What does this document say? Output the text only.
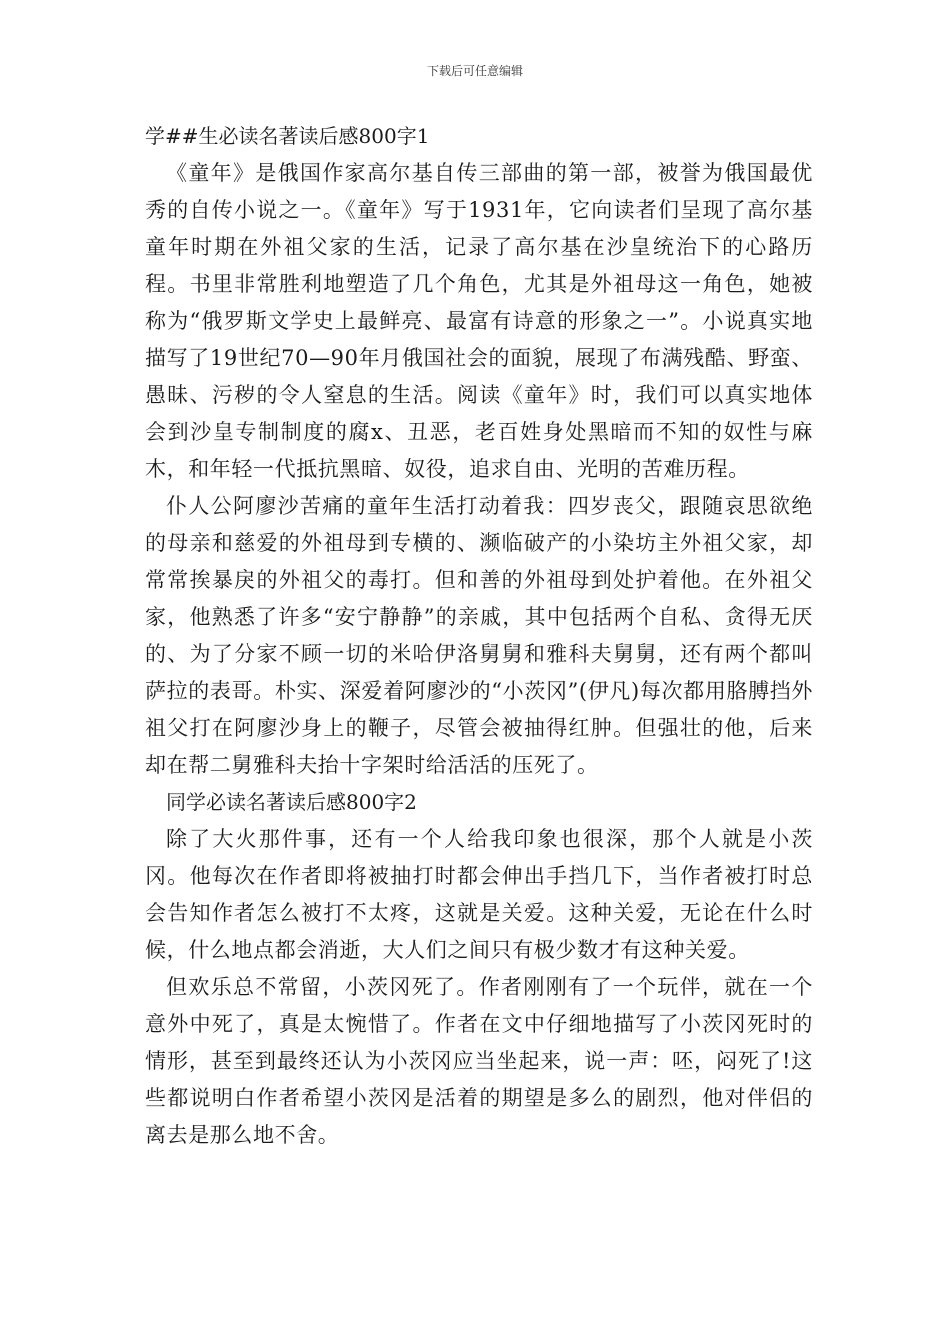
下载后可任意编辑

学##生必读名著读后感800字1

《童年》是俄国作家高尔基自传三部曲的第一部，被誉为俄国最优秀的自传小说之一。《童年》写于1931年，它向读者们呈现了高尔基童年时期在外祖父家的生活，记录了高尔基在沙皇统治下的心路历程。书里非常胜利地塑造了几个角色，尤其是外祖母这一角色，她被称为“俄罗斯文学史上最鲜亮、最富有诗意的形象之一”。小说真实地描写了19世纪70—90年月俄国社会的面貌，展现了布满残酷、野蛮、愚昧、污秽的令人窒息的生活。阅读《童年》时，我们可以真实地体会到沙皇专制制度的腐x、丑恶，老百姓身处黑暗而不知的奴性与麻木，和年轻一代抵抗黑暗、奴役，追求自由、光明的苦难历程。

仆人公阿廖沙苦痛的童年生活打动着我：四岁丧父，跟随哀思欲绝的母亲和慈爱的外祖母到专横的、濒临破产的小染坊主外祖父家，却常常挨暴戾的外祖父的毒打。但和善的外祖母到处护着他。在外祖父家，他熟悉了许多“安宁静静”的亲戚，其中包括两个自私、贪得无厌的、为了分家不顾一切的米哈伊洛舅舅和雅科夫舅舅，还有两个都叫萨拉的表哥。朴实、深爱着阿廖沙的“小茨冈”(伊凡)每次都用胳膊挡外祖父打在阿廖沙身上的鞭子，尽管会被抽得红肿。但强壮的他，后来却在帮二舅雅科夫抬十字架时给活活的压死了。

同学必读名著读后感800字2

除了大火那件事，还有一个人给我印象也很深，那个人就是小茨冈。他每次在作者即将被抽打时都会伸出手挡几下，当作者被打时总会告知作者怎么被打不太疼，这就是关爱。这种关爱，无论在什么时候，什么地点都会消逝，大人们之间只有极少数才有这种关爱。

但欢乐总不常留，小茨冈死了。作者刚刚有了一个玩伴，就在一个意外中死了，真是太惋惜了。作者在文中仔细地描写了小茨冈死时的情形，甚至到最终还认为小茨冈应当坐起来，说一声：呸，闷死了!这些都说明白作者希望小茨冈是活着的期望是多么的剧烈，他对伴侣的离去是那么地不舍。
